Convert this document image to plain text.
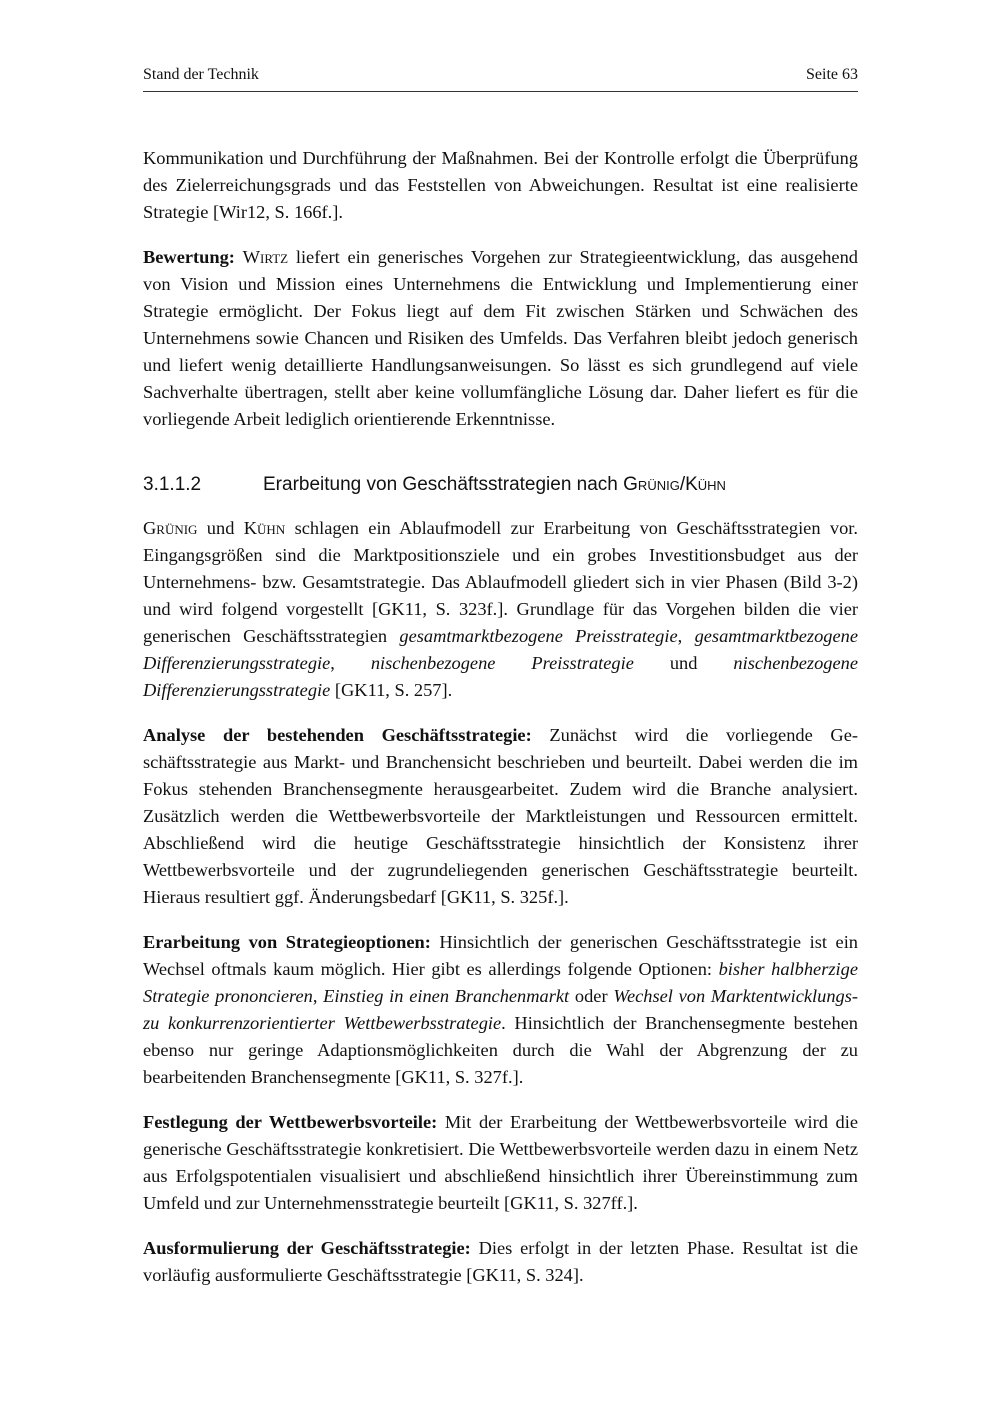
Stand der Technik	Seite 63

Kommunikation und Durchführung der Maßnahmen. Bei der Kontrolle erfolgt die Überprüfung des Zielerreichungsgrads und das Feststellen von Abweichungen. Resultat ist eine realisierte Strategie [Wir12, S. 166f.].

Bewertung: Wirtz liefert ein generisches Vorgehen zur Strategieentwicklung, das ausgehend von Vision und Mission eines Unternehmens die Entwicklung und Implementierung einer Strategie ermöglicht. Der Fokus liegt auf dem Fit zwischen Stärken und Schwächen des Unternehmens sowie Chancen und Risiken des Umfelds. Das Verfahren bleibt jedoch generisch und liefert wenig detaillierte Handlungsanweisungen. So lässt es sich grundlegend auf viele Sachverhalte übertragen, stellt aber keine vollumfängliche Lösung dar. Daher liefert es für die vorliegende Arbeit lediglich orientierende Erkenntnisse.

3.1.1.2	Erarbeitung von Geschäftsstrategien nach Grünig/Kühn

Grünig und Kühn schlagen ein Ablaufmodell zur Erarbeitung von Geschäftsstrategien vor. Eingangsgrößen sind die Marktpositionsziele und ein grobes Investitionsbudget aus der Unternehmens- bzw. Gesamtstrategie. Das Ablaufmodell gliedert sich in vier Phasen (Bild 3-2) und wird folgend vorgestellt [GK11, S. 323f.]. Grundlage für das Vorgehen bilden die vier generischen Geschäftsstrategien gesamtmarktbezogene Preisstrategie, gesamtmarktbezogene Differenzierungsstrategie, nischenbezogene Preisstrategie und nischenbezogene Differenzierungsstrategie [GK11, S. 257].

Analyse der bestehenden Geschäftsstrategie: Zunächst wird die vorliegende Geschäftsstrategie aus Markt- und Branchensicht beschrieben und beurteilt. Dabei werden die im Fokus stehenden Branchensegmente herausgearbeitet. Zudem wird die Branche analysiert. Zusätzlich werden die Wettbewerbsvorteile der Marktleistungen und Ressourcen ermittelt. Abschließend wird die heutige Geschäftsstrategie hinsichtlich der Konsistenz ihrer Wettbewerbsvorteile und der zugrundeliegenden generischen Geschäftsstrategie beurteilt. Hieraus resultiert ggf. Änderungsbedarf [GK11, S. 325f.].

Erarbeitung von Strategieoptionen: Hinsichtlich der generischen Geschäftsstrategie ist ein Wechsel oftmals kaum möglich. Hier gibt es allerdings folgende Optionen: bisher halbherzige Strategie prononcieren, Einstieg in einen Branchenmarkt oder Wechsel von Marktentwicklungs- zu konkurrenzorientierter Wettbewerbsstrategie. Hinsichtlich der Branchensegmente bestehen ebenso nur geringe Adaptionsmöglichkeiten durch die Wahl der Abgrenzung der zu bearbeitenden Branchensegmente [GK11, S. 327f.].

Festlegung der Wettbewerbsvorteile: Mit der Erarbeitung der Wettbewerbsvorteile wird die generische Geschäftsstrategie konkretisiert. Die Wettbewerbsvorteile werden dazu in einem Netz aus Erfolgspotentialen visualisiert und abschließend hinsichtlich ihrer Übereinstimmung zum Umfeld und zur Unternehmensstrategie beurteilt [GK11, S. 327ff.].

Ausformulierung der Geschäftsstrategie: Dies erfolgt in der letzten Phase. Resultat ist die vorläufig ausformulierte Geschäftsstrategie [GK11, S. 324].
